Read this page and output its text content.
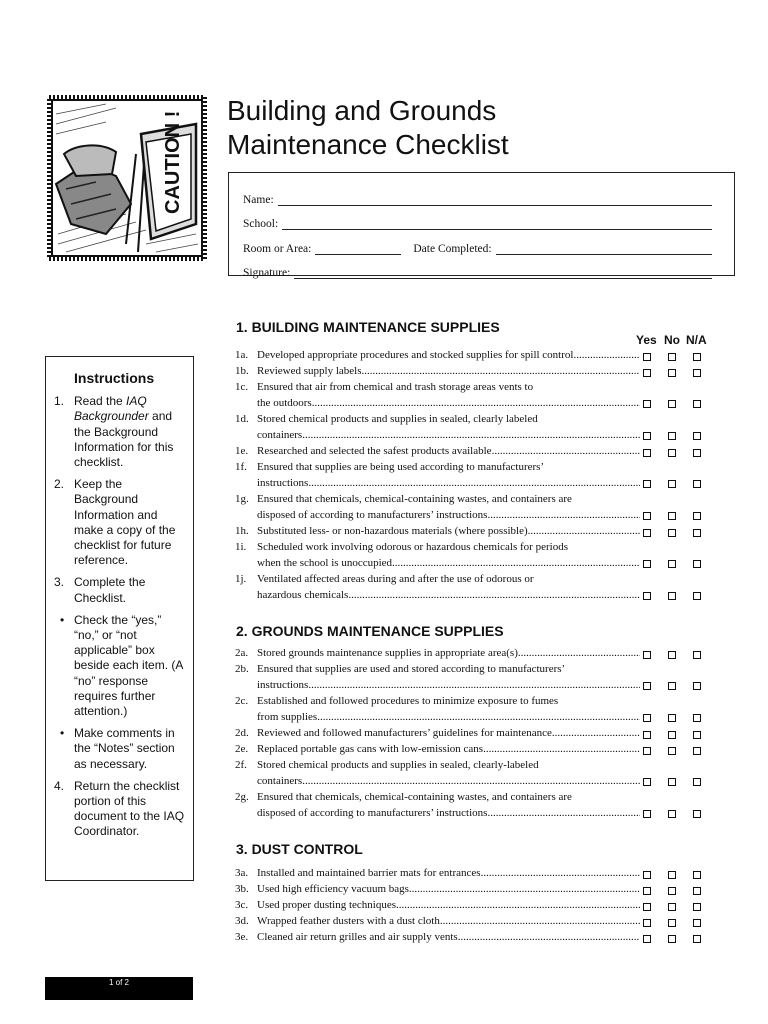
CAUTION !
Building and Grounds
Maintenance Checklist
Name:
School:
Room or Area:	Date Completed:
Signature:
Instructions
1. Read the IAQ Backgrounder and the Background Information for this checklist.
2. Keep the Background Information and make a copy of the checklist for future reference.
3. Complete the Checklist.
• Check the “yes,” “no,” or “not applicable” box beside each item. (A “no” response requires further attention.)
• Make comments in the “Notes” section as necessary.
4. Return the checklist portion of this document to the IAQ Coordinator.
Yes No N/A
1. BUILDING MAINTENANCE SUPPLIES
2. GROUNDS MAINTENANCE SUPPLIES
3. DUST CONTROL
1a. Developed appropriate procedures and stocked supplies for spill control
.....
1b. Reviewed supply labels
.....
1c. Ensured that air from chemical and trash storage areas vents to
the outdoors
.....
1d. Stored chemical products and supplies in sealed, clearly labeled
containers
.....
1e. Researched and selected the safest products available
.....
1f. Ensured that supplies are being used according to manufacturers’
instructions
.....
1g. Ensured that chemicals, chemical-containing wastes, and containers are
disposed of according to manufacturers’ instructions
.....
1h. Substituted less- or non-hazardous materials (where possible)
.....
1i. Scheduled work involving odorous or hazardous chemicals for periods
when the school is unoccupied
.....
1j. Ventilated affected areas during and after the use of odorous or
hazardous chemicals
.....
2a. Stored grounds maintenance supplies in appropriate area(s)
.....
2b. Ensured that supplies are used and stored according to manufacturers’
instructions
.....
2c. Established and followed procedures to minimize exposure to fumes
from supplies
.....
2d. Reviewed and followed manufacturers’ guidelines for maintenance
.....
2e. Replaced portable gas cans with low-emission cans
.....
2f. Stored chemical products and supplies in sealed, clearly-labeled
containers
.....
2g. Ensured that chemicals, chemical-containing wastes, and containers are
disposed of according to manufacturers’ instructions
.....
3a. Installed and maintained barrier mats for entrances
.....
3b. Used high efficiency vacuum bags
.....
3c. Used proper dusting techniques
.....
3d. Wrapped feather dusters with a dust cloth
.....
3e. Cleaned air return grilles and air supply vents
.....
1 of 2
